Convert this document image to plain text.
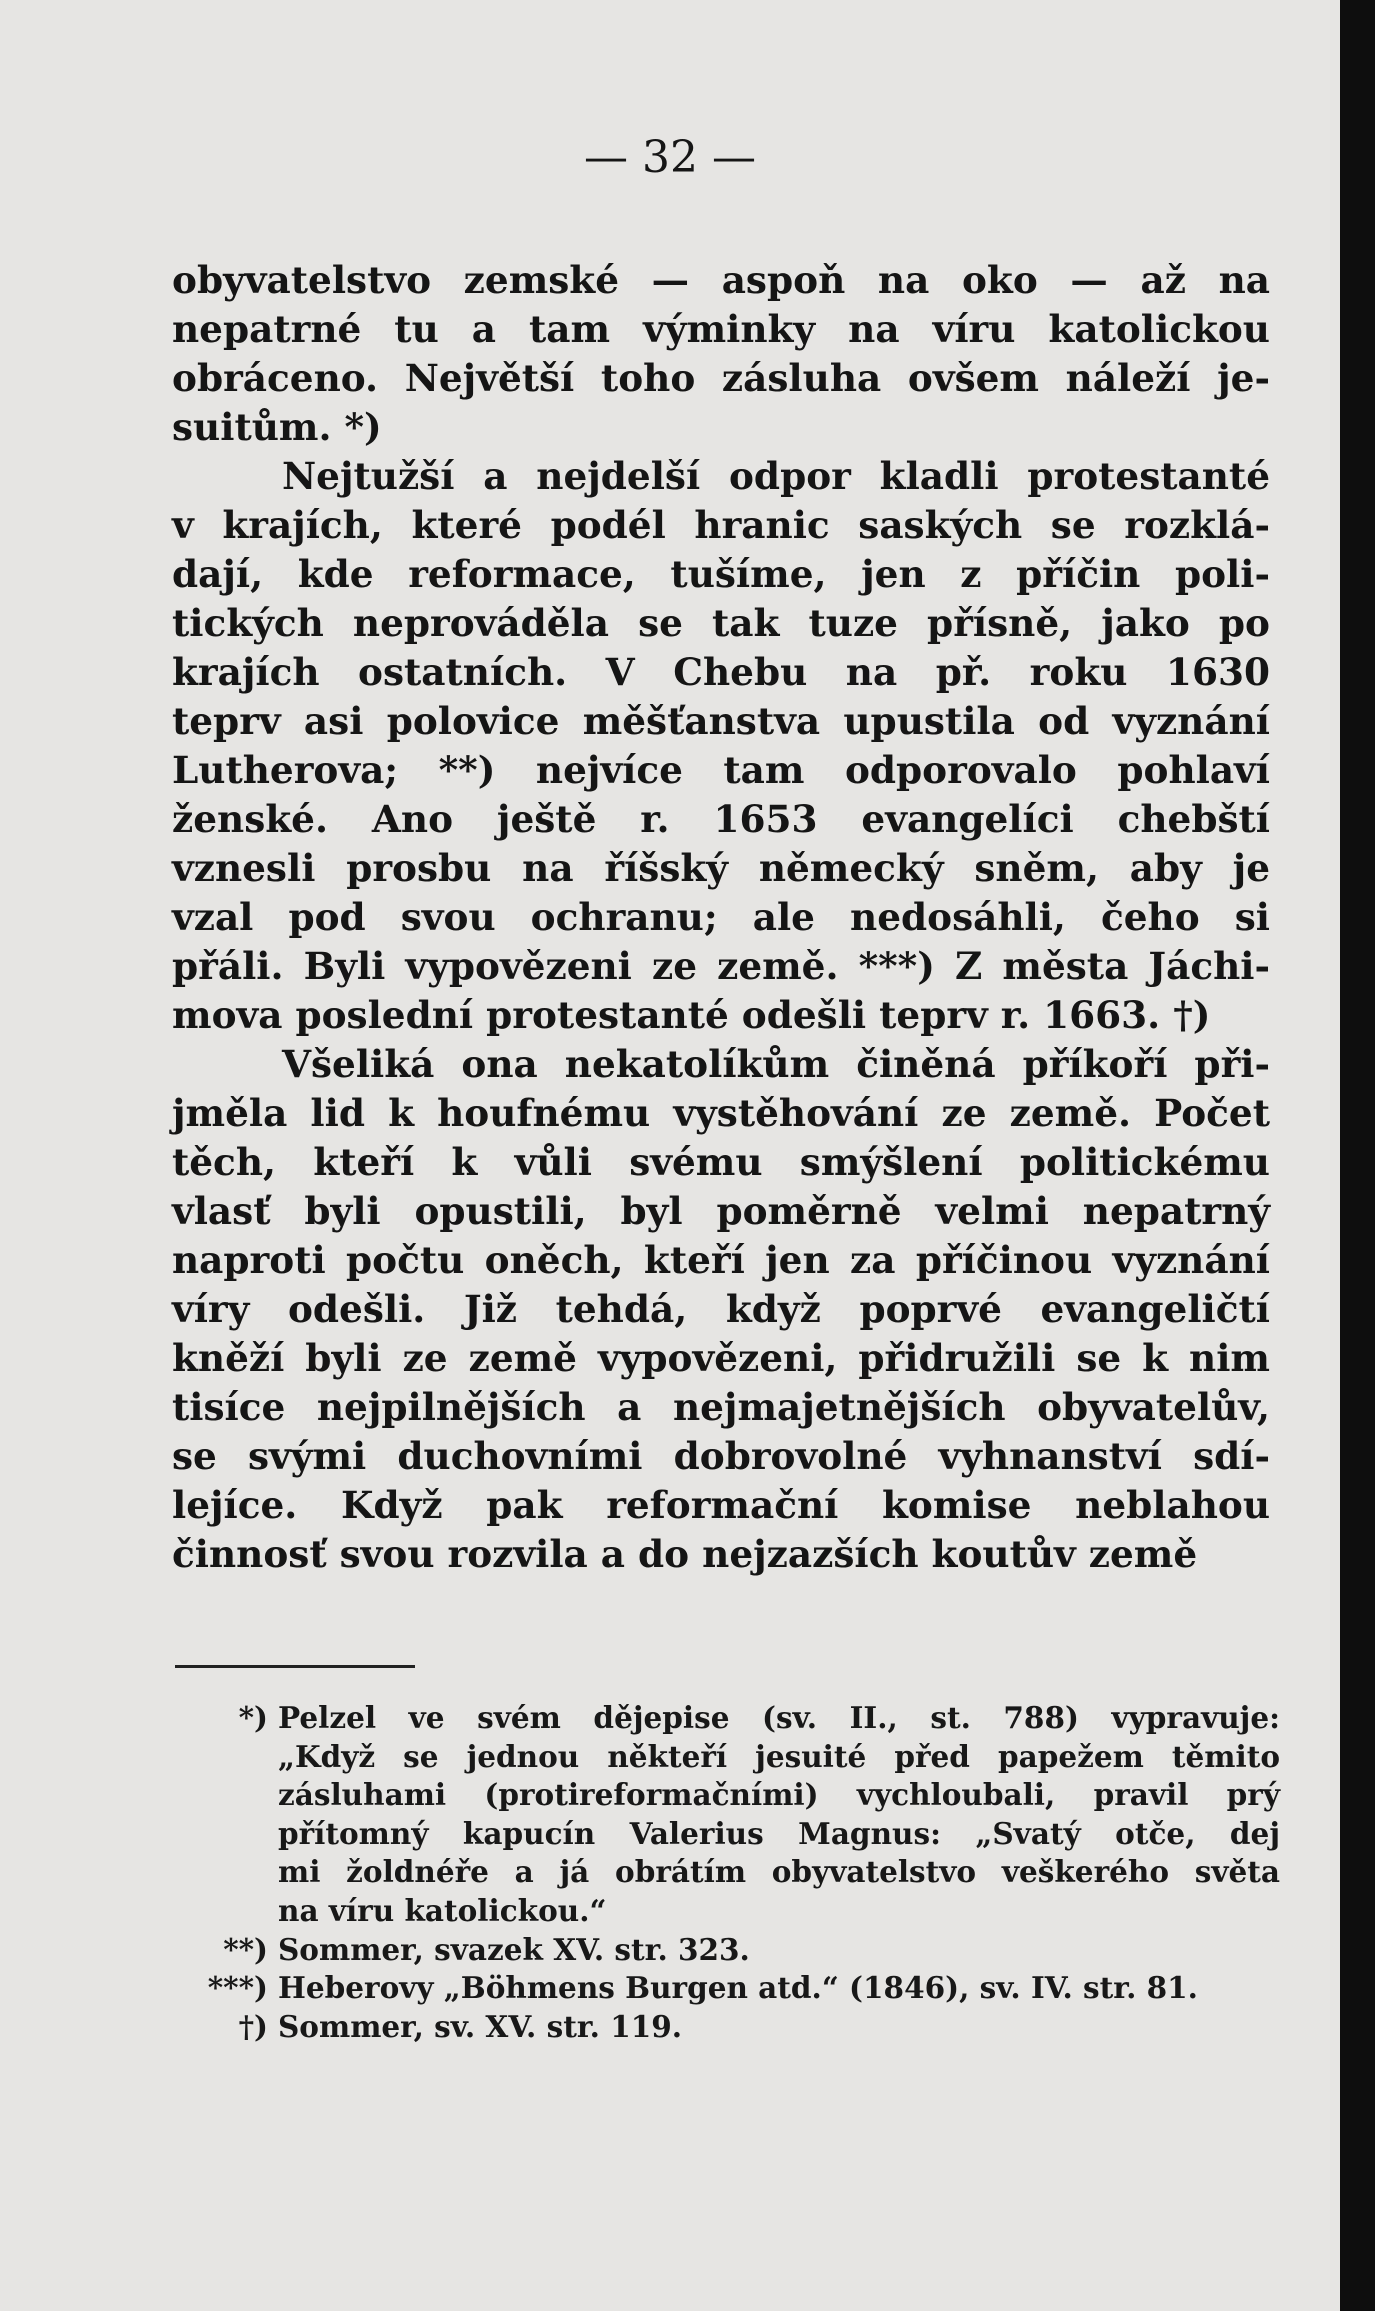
— 32 —

obyvatelstvo zemské — aspoň na oko — až na
nepatrné tu a tam výminky na víru katolickou
obráceno. Největší toho zásluha ovšem náleží je-
suitům. *)
Nejtužší a nejdelší odpor kladli protestanté
v krajích, které podél hranic saských se rozklá-
dají, kde reformace, tušíme, jen z příčin poli-
tických neprováděla se tak tuze přísně, jako po
krajích ostatních. V Chebu na př. roku 1630
teprv asi polovice měšťanstva upustila od vyznání
Lutherova; **) nejvíce tam odporovalo pohlaví
ženské. Ano ještě r. 1653 evangelíci chebští
vznesli prosbu na říšský německý sněm, aby je
vzal pod svou ochranu; ale nedosáhli, čeho si
přáli. Byli vypovězeni ze země. ***) Z města Jáchi-
mova poslední protestanté odešli teprv r. 1663. †)
Všeliká ona nekatolíkům činěná příkoří při-
jměla lid k houfnému vystěhování ze země. Počet
těch, kteří k vůli svému smýšlení politickému
vlasť byli opustili, byl poměrně velmi nepatrný
naproti počtu oněch, kteří jen za příčinou vyznání
víry odešli. Již tehdá, když poprvé evangeličtí
kněží byli ze země vypovězeni, přidružili se k nim
tisíce nejpilnějších a nejmajetnějších obyvatelův,
se svými duchovními dobrovolné vyhnanství sdí-
lejíce. Když pak reformační komise neblahou
činnosť svou rozvila a do nejzazších koutův země
*) Pelzel ve svém dějepise (sv. II., st. 788) vypravuje:
„Když se jednou někteří jesuité před papežem těmito
zásluhami (protireformačními) vychloubali, pravil prý
přítomný kapucín Valerius Magnus: „Svatý otče, dej
mi žoldnéře a já obrátím obyvatelstvo veškerého světa
na víru katolickou.“
**) Sommer, svazek XV. str. 323.
***) Heberovy „Böhmens Burgen atd.“ (1846), sv. IV. str. 81.
†) Sommer, sv. XV. str. 119.
